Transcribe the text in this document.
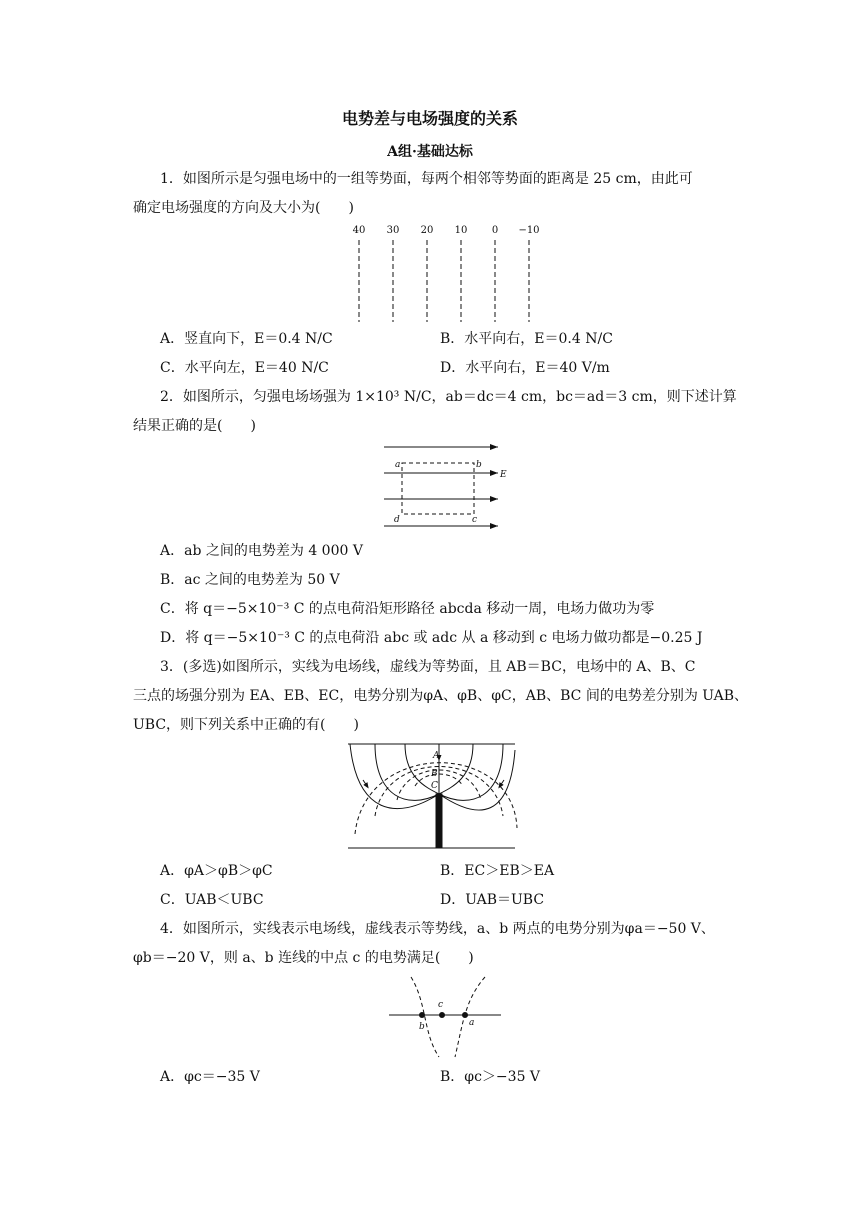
电势差与电场强度的关系
A组·基础达标
1．如图所示是匀强电场中的一组等势面，每两个相邻等势面的距离是 25 cm，由此可
确定电场强度的方向及大小为(　　)
40 30 20 10 0 −10
A．竖直向下，E＝0.4 N/C	B．水平向右，E＝0.4 N/C
C．水平向左，E＝40 N/C	D．水平向右，E＝40 V/m
2．如图所示，匀强电场场强为 1×10³ N/C，ab＝dc＝4 cm，bc＝ad＝3 cm，则下述计算
结果正确的是(　　)
a	b
d	c
E
A．ab 之间的电势差为 4 000 V
B．ac 之间的电势差为 50 V
C．将 q＝−5×10⁻³ C 的点电荷沿矩形路径 abcda 移动一周，电场力做功为零
D．将 q＝−5×10⁻³ C 的点电荷沿 abc 或 adc 从 a 移动到 c 电场力做功都是−0.25 J
3．(多选)如图所示，实线为电场线，虚线为等势面，且 AB＝BC，电场中的 A、B、C
三点的场强分别为 EA、EB、EC，电势分别为φA、φB、φC，AB、BC 间的电势差分别为 UAB、
UBC，则下列关系中正确的有(　　)
A
B
C
A．φA＞φB＞φC	B．EC＞EB＞EA
C．UAB＜UBC	D．UAB＝UBC
4．如图所示，实线表示电场线，虚线表示等势线，a、b 两点的电势分别为φa＝−50 V、
φb＝−20 V，则 a、b 连线的中点 c 的电势满足(　　)
b
c
a
A．φc＝−35 V	B．φc＞−35 V
